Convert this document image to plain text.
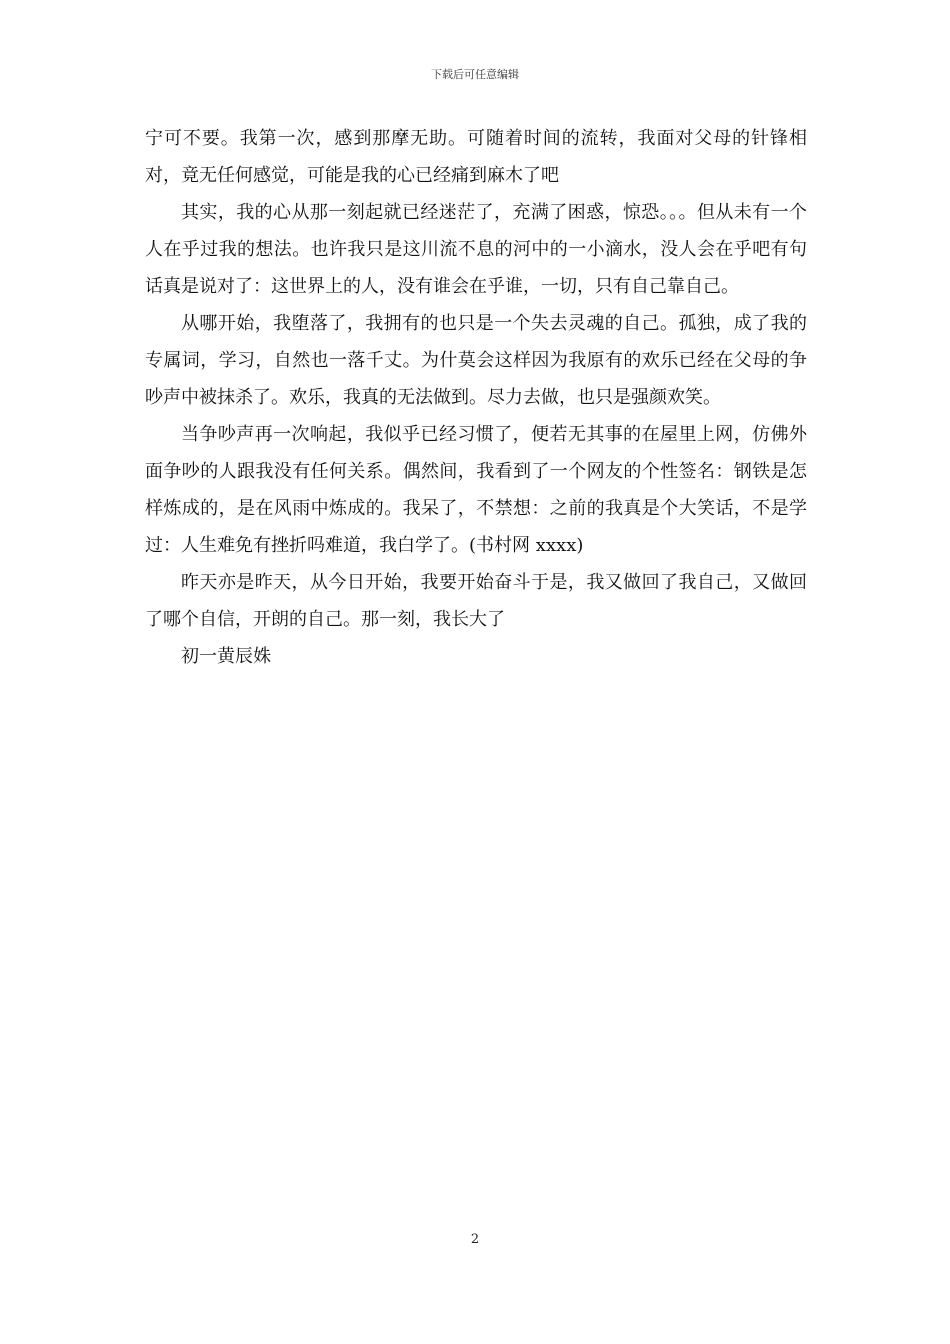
下载后可任意编辑

宁可不要。我第一次，感到那摩无助。可随着时间的流转，我面对父母的针锋相对，竟无任何感觉，可能是我的心已经痛到麻木了吧

其实，我的心从那一刻起就已经迷茫了，充满了困惑，惊恐。。。但从未有一个人在乎过我的想法。也许我只是这川流不息的河中的一小滴水，没人会在乎吧有句话真是说对了：这世界上的人，没有谁会在乎谁，一切，只有自己靠自己。

从哪开始，我堕落了，我拥有的也只是一个失去灵魂的自己。孤独，成了我的专属词，学习，自然也一落千丈。为什莫会这样因为我原有的欢乐已经在父母的争吵声中被抹杀了。欢乐，我真的无法做到。尽力去做，也只是强颜欢笑。

当争吵声再一次响起，我似乎已经习惯了，便若无其事的在屋里上网，仿佛外面争吵的人跟我没有任何关系。偶然间，我看到了一个网友的个性签名：钢铁是怎样炼成的，是在风雨中炼成的。我呆了，不禁想：之前的我真是个大笑话，不是学过：人生难免有挫折吗难道，我白学了。(书村网 xxxx)

昨天亦是昨天，从今日开始，我要开始奋斗于是，我又做回了我自己，又做回了哪个自信，开朗的自己。那一刻，我长大了

初一黄辰姝

2
